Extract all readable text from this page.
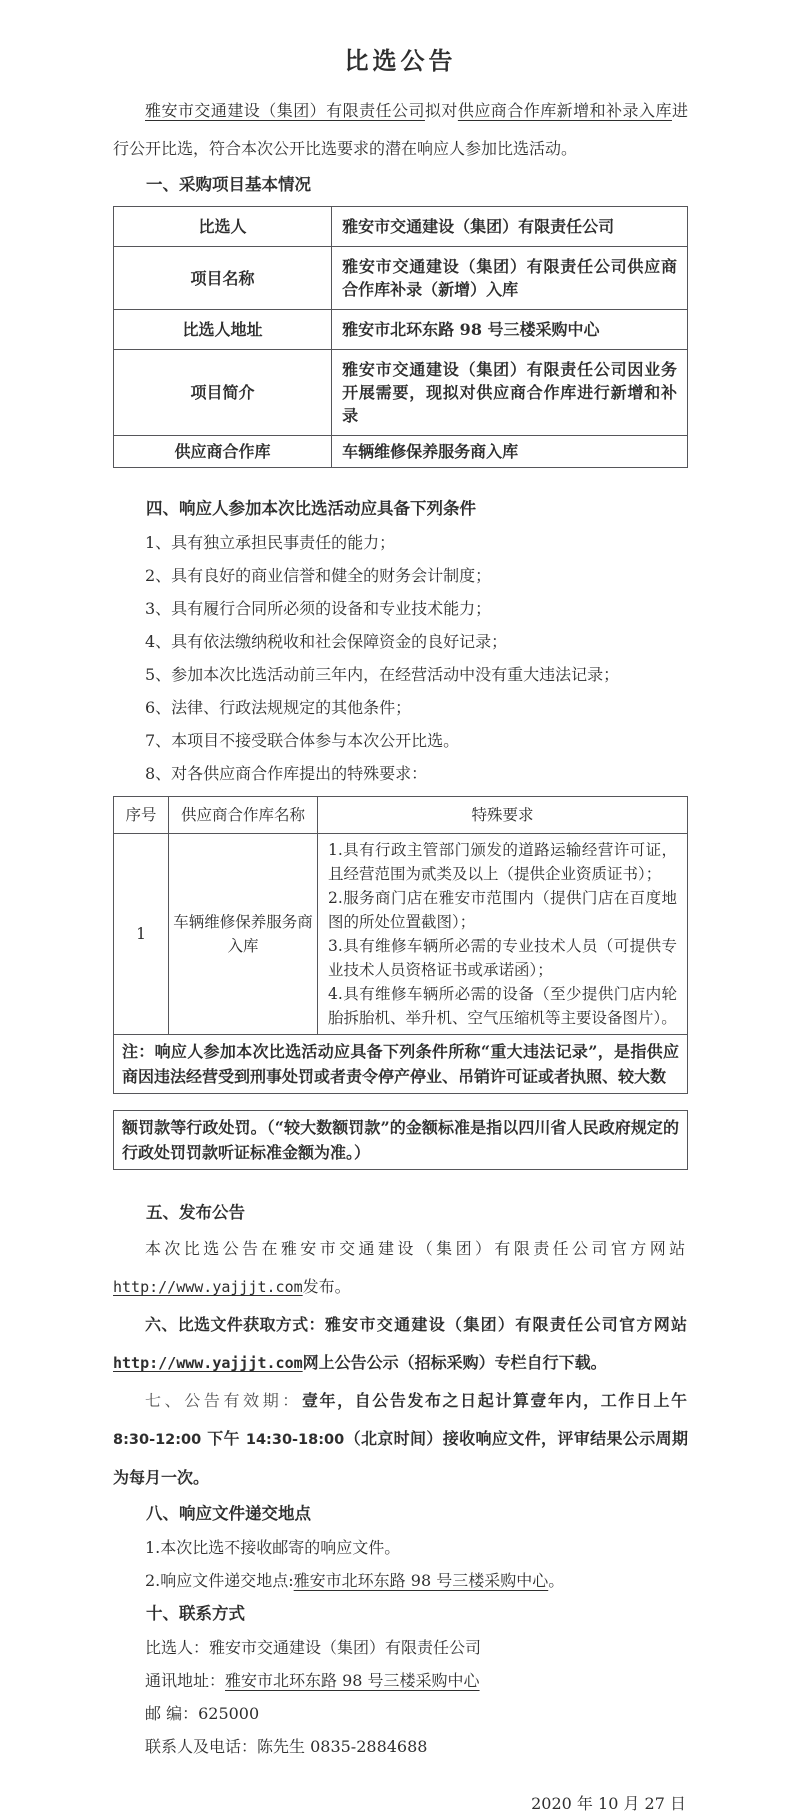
比选公告

雅安市交通建设（集团）有限责任公司拟对供应商合作库新增和补录入库进行公开比选，符合本次公开比选要求的潜在响应人参加比选活动。

一、采购项目基本情况

比选人	雅安市交通建设（集团）有限责任公司
项目名称	雅安市交通建设（集团）有限责任公司供应商合作库补录（新增）入库
比选人地址	雅安市北环东路 98 号三楼采购中心
项目简介	雅安市交通建设（集团）有限责任公司因业务开展需要，现拟对供应商合作库进行新增和补录
供应商合作库	车辆维修保养服务商入库

四、响应人参加本次比选活动应具备下列条件

1、具有独立承担民事责任的能力；

2、具有良好的商业信誉和健全的财务会计制度；

3、具有履行合同所必须的设备和专业技术能力；

4、具有依法缴纳税收和社会保障资金的良好记录；

5、参加本次比选活动前三年内，在经营活动中没有重大违法记录；

6、法律、行政法规规定的其他条件；

7、本项目不接受联合体参与本次公开比选。

8、对各供应商合作库提出的特殊要求：

序号	供应商合作库名称	特殊要求
1	车辆维修保养服务商入库	1.具有行政主管部门颁发的道路运输经营许可证，且经营范围为贰类及以上（提供企业资质证书）；
2.服务商门店在雅安市范围内（提供门店在百度地图的所处位置截图）；
3.具有维修车辆所必需的专业技术人员（可提供专业技术人员资格证书或承诺函）；
4.具有维修车辆所必需的设备（至少提供门店内轮胎拆胎机、举升机、空气压缩机等主要设备图片）。

注：响应人参加本次比选活动应具备下列条件所称“重大违法记录”，是指供应商因违法经营受到刑事处罚或者责令停产停业、吊销许可证或者执照、较大数		
额罚款等行政处罚。（“较大数额罚款”的金额标准是指以四川省人民政府规定的行政处罚罚款听证标准金额为准。）

五、发布公告

本次比选公告在雅安市交通建设（集团）有限责任公司官方网站http://www.yajjjt.com发布。

六、比选文件获取方式：雅安市交通建设（集团）有限责任公司官方网站http://www.yajjjt.com网上公告公示（招标采购）专栏自行下载。

七、公告有效期：壹年，自公告发布之日起计算壹年内，工作日上午8:30-12:00 下午 14:30-18:00（北京时间）接收响应文件，评审结果公示周期为每月一次。

八、响应文件递交地点

1.本次比选不接收邮寄的响应文件。

2.响应文件递交地点:雅安市北环东路 98 号三楼采购中心。

十、联系方式

比选人：雅安市交通建设（集团）有限责任公司

通讯地址：雅安市北环东路 98 号三楼采购中心

邮 编：625000

联系人及电话：陈先生 0835-2884688

2020 年 10 月 27 日
